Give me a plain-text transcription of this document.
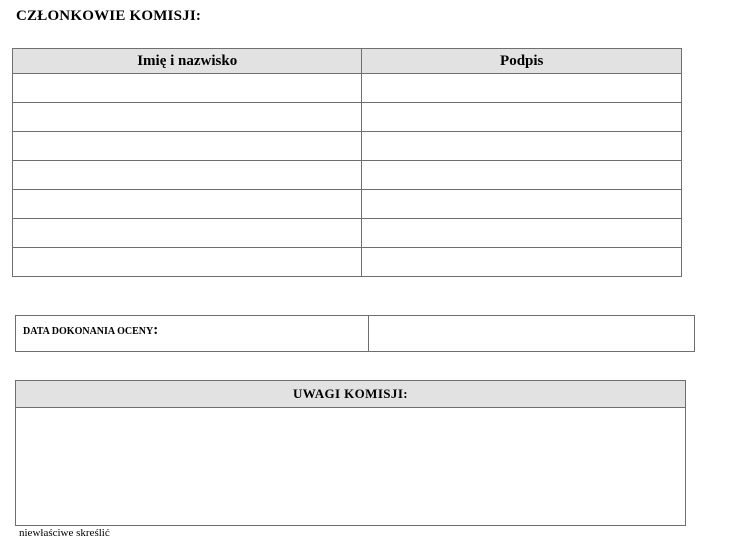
CZŁONKOWIE KOMISJI:
Imię i nazwisko	Podpis

DATA DOKONANIA OCENY:	
UWAGI KOMISJI:

niewłaściwe skreślić
